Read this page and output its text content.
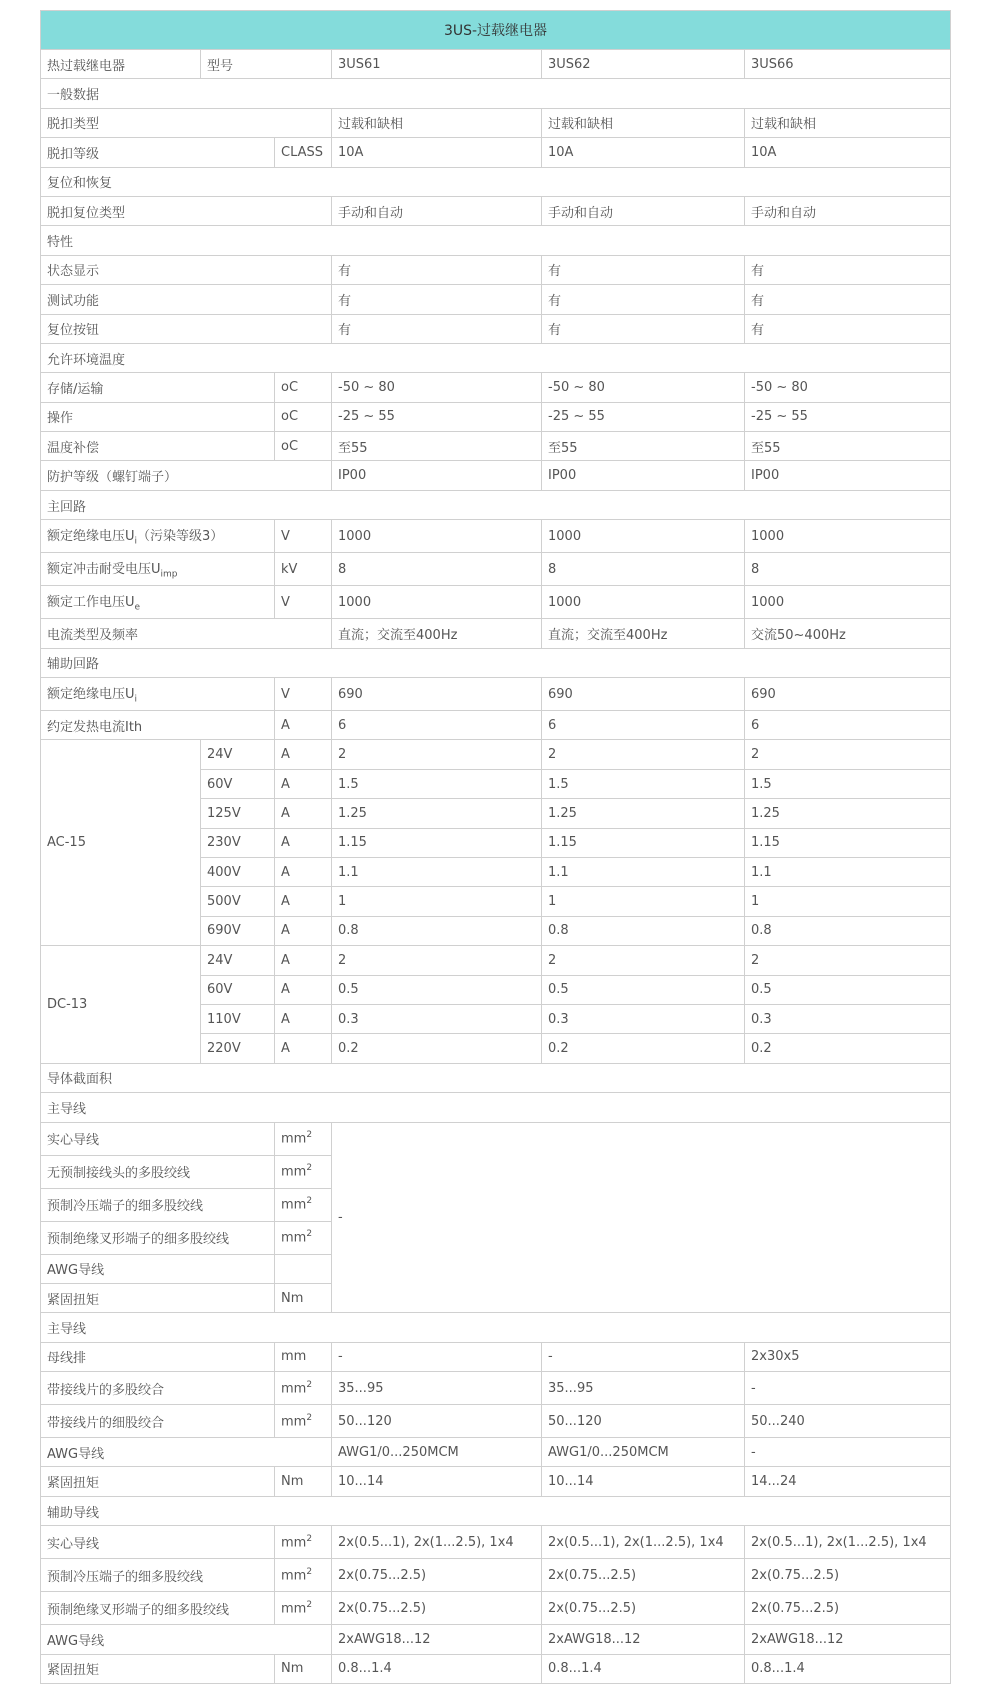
3US-过载继电器					
热过载继电器	型号		3US61	3US62	3US66
一般数据					
脱扣类型			过载和缺相	过载和缺相	过载和缺相
脱扣等级		CLASS	10A	10A	10A
复位和恢复					
脱扣复位类型			手动和自动	手动和自动	手动和自动
特性					
状态显示			有	有	有
测试功能			有	有	有
复位按钮			有	有	有
允许环境温度					
存储/运输		oC	-50 ~ 80	-50 ~ 80	-50 ~ 80
操作		oC	-25 ~ 55	-25 ~ 55	-25 ~ 55
温度补偿		oC	至55	至55	至55
防护等级（螺钉端子）			IP00	IP00	IP00
主回路					
额定绝缘电压$U_i$（污染等级3）		V	1000	1000	1000
额定冲击耐受电压$U_{imp}$		kV	8	8	8
额定工作电压$U_e$		V	1000	1000	1000
电流类型及频率			直流；交流至400Hz	直流；交流至400Hz	交流50~400Hz
辅助回路					
额定绝缘电压$U_i$		V	690	690	690
约定发热电流Ith		A	6	6	6
AC-15	24V	A	2	2	2
	60V	A	1.5	1.5	1.5
	125V	A	1.25	1.25	1.25
	230V	A	1.15	1.15	1.15
	400V	A	1.1	1.1	1.1
	500V	A	1	1	1
	690V	A	0.8	0.8	0.8
DC-13	24V	A	2	2	2
	60V	A	0.5	0.5	0.5
	110V	A	0.3	0.3	0.3
	220V	A	0.2	0.2	0.2
导体截面积					
主导线					
实心导线		$mm^2$	-		
无预制接线头的多股绞线		$mm^2$
预制冷压端子的细多股绞线		$mm^2$
预制绝缘叉形端子的细多股绞线		$mm^2$
AWG导线					
紧固扭矩		Nm			
主导线					
母线排		mm	-	-	2x30x5
带接线片的多股绞合		$mm^2$	35...95	35...95	-
带接线片的细股绞合		$mm^2$	50...120	50...120	50...240
AWG导线			AWG1/0...250MCM	AWG1/0...250MCM	-
紧固扭矩		Nm	10...14	10...14	14...24
辅助导线					
实心导线		$mm^2$	2x(0.5...1), 2x(1...2.5), 1x4	2x(0.5...1), 2x(1...2.5), 1x4	2x(0.5...1), 2x(1...2.5), 1x4
预制冷压端子的细多股绞线		$mm^2$	2x(0.75...2.5)	2x(0.75...2.5)	2x(0.75...2.5)
预制绝缘叉形端子的细多股绞线		$mm^2$	2x(0.75...2.5)	2x(0.75...2.5)	2x(0.75...2.5)
AWG导线			2xAWG18...12	2xAWG18...12	2xAWG18...12
紧固扭矩		Nm	0.8...1.4	0.8...1.4	0.8...1.4
